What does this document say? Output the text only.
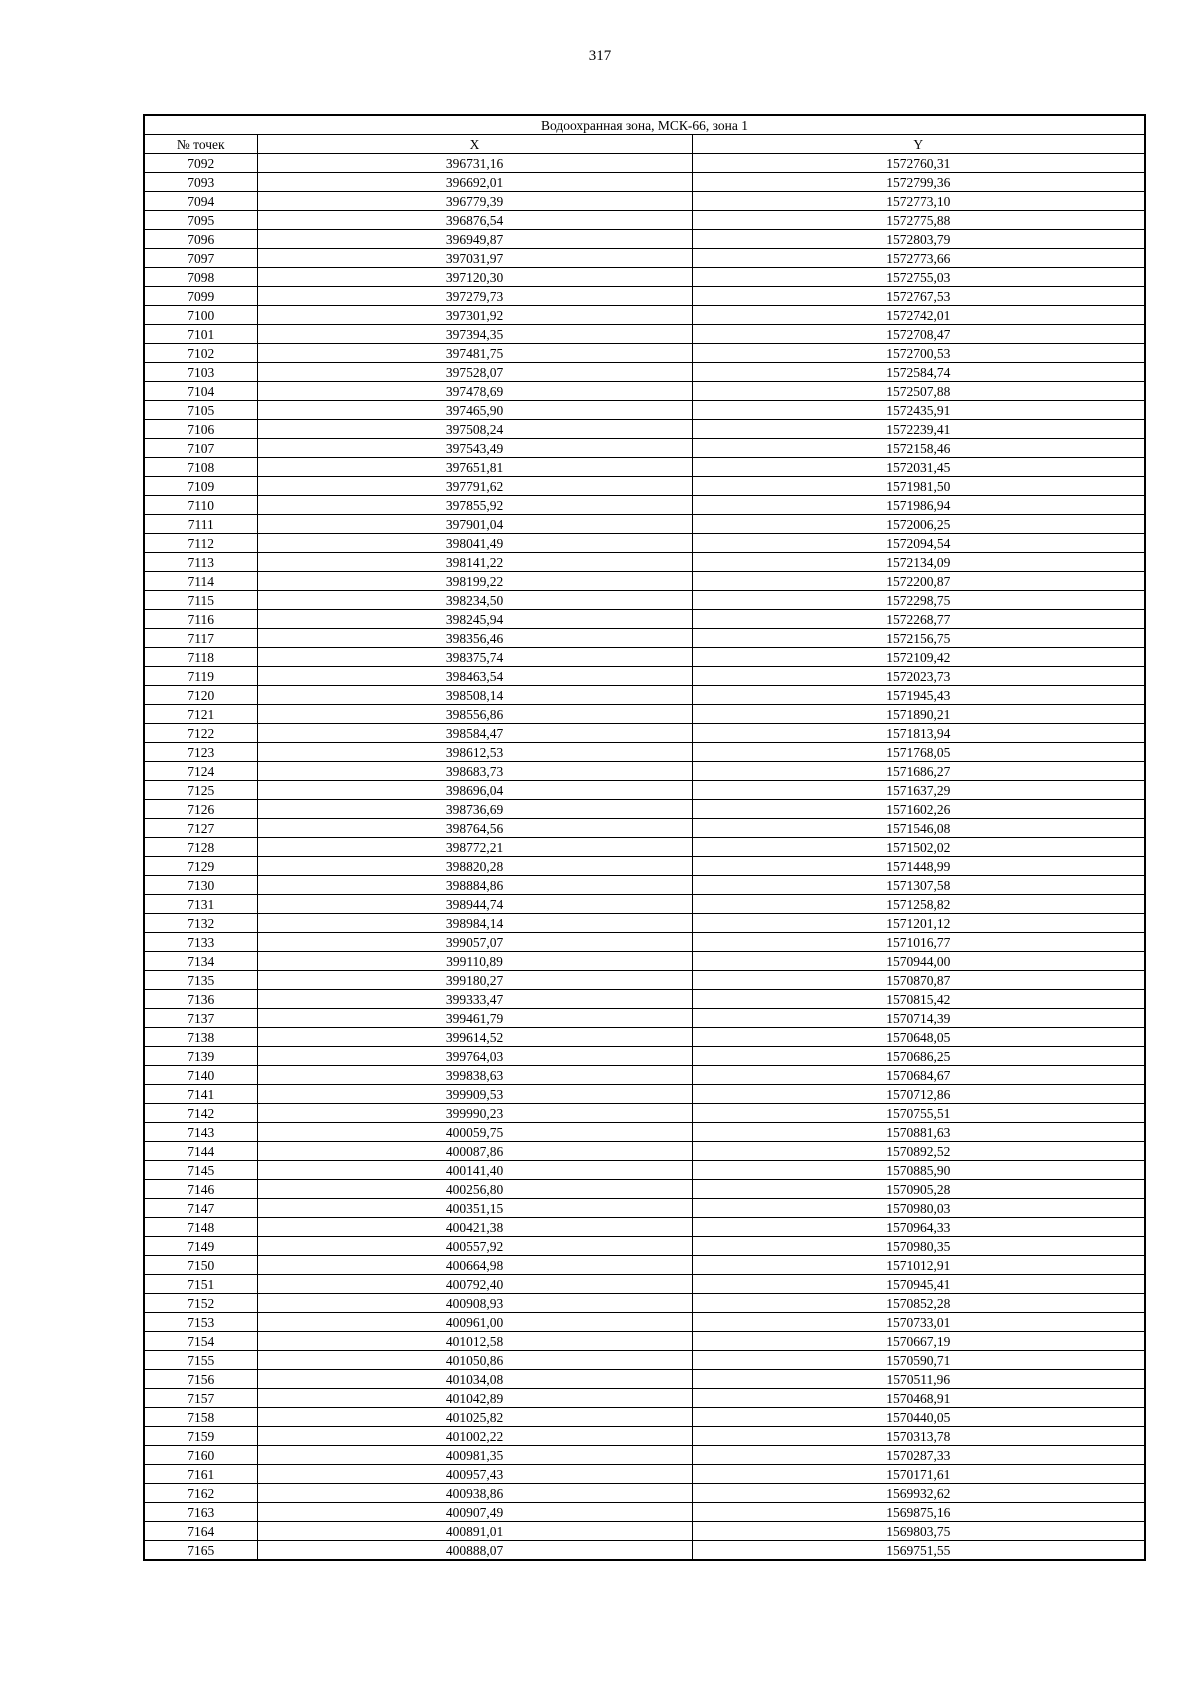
317
Водоохранная зона, МСК-66, зона 1		
№ точек	X	Y
7092	396731,16	1572760,31
7093	396692,01	1572799,36
7094	396779,39	1572773,10
7095	396876,54	1572775,88
7096	396949,87	1572803,79
7097	397031,97	1572773,66
7098	397120,30	1572755,03
7099	397279,73	1572767,53
7100	397301,92	1572742,01
7101	397394,35	1572708,47
7102	397481,75	1572700,53
7103	397528,07	1572584,74
7104	397478,69	1572507,88
7105	397465,90	1572435,91
7106	397508,24	1572239,41
7107	397543,49	1572158,46
7108	397651,81	1572031,45
7109	397791,62	1571981,50
7110	397855,92	1571986,94
7111	397901,04	1572006,25
7112	398041,49	1572094,54
7113	398141,22	1572134,09
7114	398199,22	1572200,87
7115	398234,50	1572298,75
7116	398245,94	1572268,77
7117	398356,46	1572156,75
7118	398375,74	1572109,42
7119	398463,54	1572023,73
7120	398508,14	1571945,43
7121	398556,86	1571890,21
7122	398584,47	1571813,94
7123	398612,53	1571768,05
7124	398683,73	1571686,27
7125	398696,04	1571637,29
7126	398736,69	1571602,26
7127	398764,56	1571546,08
7128	398772,21	1571502,02
7129	398820,28	1571448,99
7130	398884,86	1571307,58
7131	398944,74	1571258,82
7132	398984,14	1571201,12
7133	399057,07	1571016,77
7134	399110,89	1570944,00
7135	399180,27	1570870,87
7136	399333,47	1570815,42
7137	399461,79	1570714,39
7138	399614,52	1570648,05
7139	399764,03	1570686,25
7140	399838,63	1570684,67
7141	399909,53	1570712,86
7142	399990,23	1570755,51
7143	400059,75	1570881,63
7144	400087,86	1570892,52
7145	400141,40	1570885,90
7146	400256,80	1570905,28
7147	400351,15	1570980,03
7148	400421,38	1570964,33
7149	400557,92	1570980,35
7150	400664,98	1571012,91
7151	400792,40	1570945,41
7152	400908,93	1570852,28
7153	400961,00	1570733,01
7154	401012,58	1570667,19
7155	401050,86	1570590,71
7156	401034,08	1570511,96
7157	401042,89	1570468,91
7158	401025,82	1570440,05
7159	401002,22	1570313,78
7160	400981,35	1570287,33
7161	400957,43	1570171,61
7162	400938,86	1569932,62
7163	400907,49	1569875,16
7164	400891,01	1569803,75
7165	400888,07	1569751,55
